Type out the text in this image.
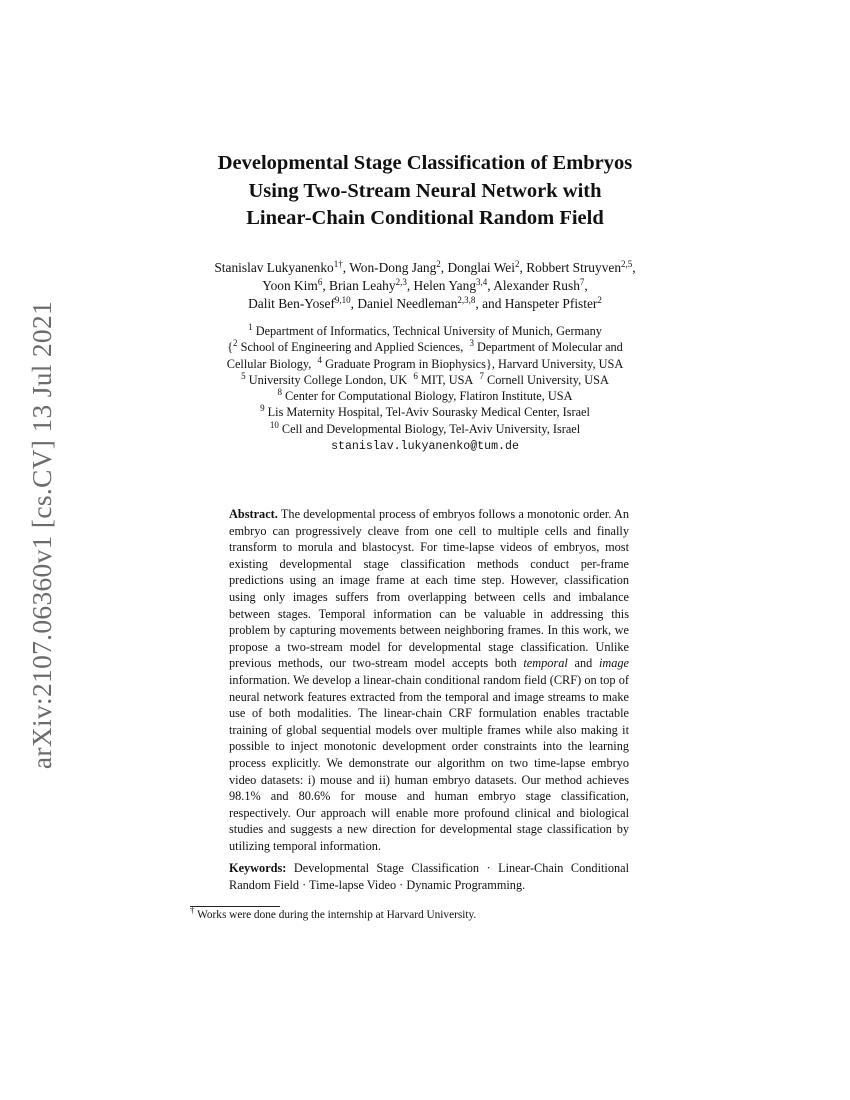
arXiv:2107.06360v1 [cs.CV] 13 Jul 2021
Developmental Stage Classification of Embryos
Using Two-Stream Neural Network with
Linear-Chain Conditional Random Field
Stanislav Lukyanenko$^{1\dagger}$, Won-Dong Jang$^2$, Donglai Wei$^2$, Robbert Struyven$^{2,5}$,
Yoon Kim$^6$, Brian Leahy$^{2,3}$, Helen Yang$^{3,4}$, Alexander Rush$^7$,
Dalit Ben-Yosef$^{9,10}$, Daniel Needleman$^{2,3,8}$, and Hanspeter Pfister$^2$
$^1$ Department of Informatics, Technical University of Munich, Germany
{$^2$ School of Engineering and Applied Sciences, $^3$ Department of Molecular and
Cellular Biology, $^4$ Graduate Program in Biophysics}, Harvard University, USA
$^5$ University College London, UK $^6$ MIT, USA $^7$ Cornell University, USA
$^8$ Center for Computational Biology, Flatiron Institute, USA
$^9$ Lis Maternity Hospital, Tel-Aviv Sourasky Medical Center, Israel
$^{10}$ Cell and Developmental Biology, Tel-Aviv University, Israel
stanislav.lukyanenko@tum.de

Abstract. The developmental process of embryos follows a monotonic order. An embryo can progressively cleave from one cell to multiple cells and finally transform to morula and blastocyst. For time-lapse videos of embryos, most existing developmental stage classification methods conduct per-frame predictions using an image frame at each time step. However, classification using only images suffers from overlapping between cells and imbalance between stages. Temporal information can be valuable in addressing this problem by capturing movements between neighboring frames. In this work, we propose a two-stream model for developmental stage classification. Unlike previous methods, our two-stream model accepts both temporal and image information. We develop a linear-chain conditional random field (CRF) on top of neural network features extracted from the temporal and image streams to make use of both modalities. The linear-chain CRF formulation enables tractable training of global sequential models over multiple frames while also making it possible to inject monotonic development order constraints into the learning process explicitly. We demonstrate our algorithm on two time-lapse embryo video datasets: i) mouse and ii) human embryo datasets. Our method achieves 98.1% and 80.6% for mouse and human embryo stage classification, respectively. Our approach will enable more profound clinical and biological studies and suggests a new direction for developmental stage classification by utilizing temporal information.

Keywords: Developmental Stage Classification · Linear-Chain Conditional Random Field · Time-lapse Video · Dynamic Programming.

† Works were done during the internship at Harvard University.
